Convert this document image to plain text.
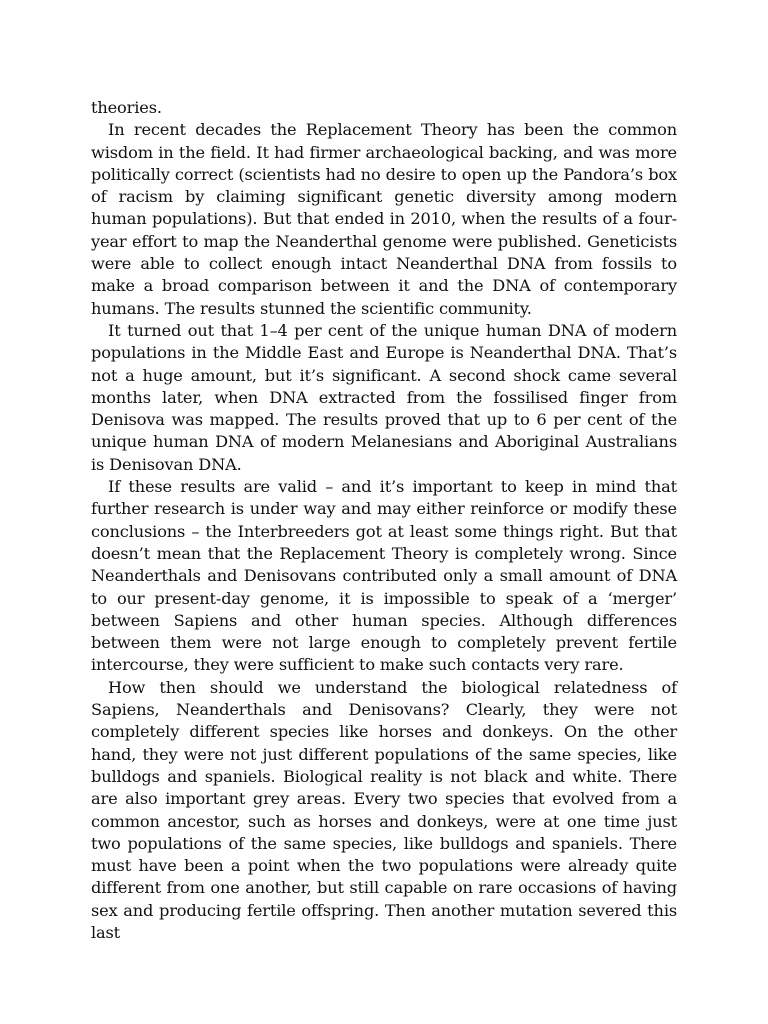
theories.

In recent decades the Replacement Theory has been the common wisdom in the field. It had firmer archaeological backing, and was more politically correct (scientists had no desire to open up the Pandora’s box of racism by claiming significant genetic diversity among modern human populations). But that ended in 2010, when the results of a four-year effort to map the Neanderthal genome were published. Geneticists were able to collect enough intact Neanderthal DNA from fossils to make a broad comparison between it and the DNA of contemporary humans. The results stunned the scientific community.

It turned out that 1–4 per cent of the unique human DNA of modern populations in the Middle East and Europe is Neanderthal DNA. That’s not a huge amount, but it’s significant. A second shock came several months later, when DNA extracted from the fossilised finger from Denisova was mapped. The results proved that up to 6 per cent of the unique human DNA of modern Melanesians and Aboriginal Australians is Denisovan DNA.

If these results are valid – and it’s important to keep in mind that further research is under way and may either reinforce or modify these conclusions – the Interbreeders got at least some things right. But that doesn’t mean that the Replacement Theory is completely wrong. Since Neanderthals and Denisovans contributed only a small amount of DNA to our present-day genome, it is impossible to speak of a ‘merger’ between Sapiens and other human species. Although differences between them were not large enough to completely prevent fertile intercourse, they were sufficient to make such contacts very rare.

How then should we understand the biological relatedness of Sapiens, Neanderthals and Denisovans? Clearly, they were not completely different species like horses and donkeys. On the other hand, they were not just different populations of the same species, like bulldogs and spaniels. Biological reality is not black and white. There are also important grey areas. Every two species that evolved from a common ancestor, such as horses and donkeys, were at one time just two populations of the same species, like bulldogs and spaniels. There must have been a point when the two populations were already quite different from one another, but still capable on rare occasions of having sex and producing fertile offspring. Then another mutation severed this last
